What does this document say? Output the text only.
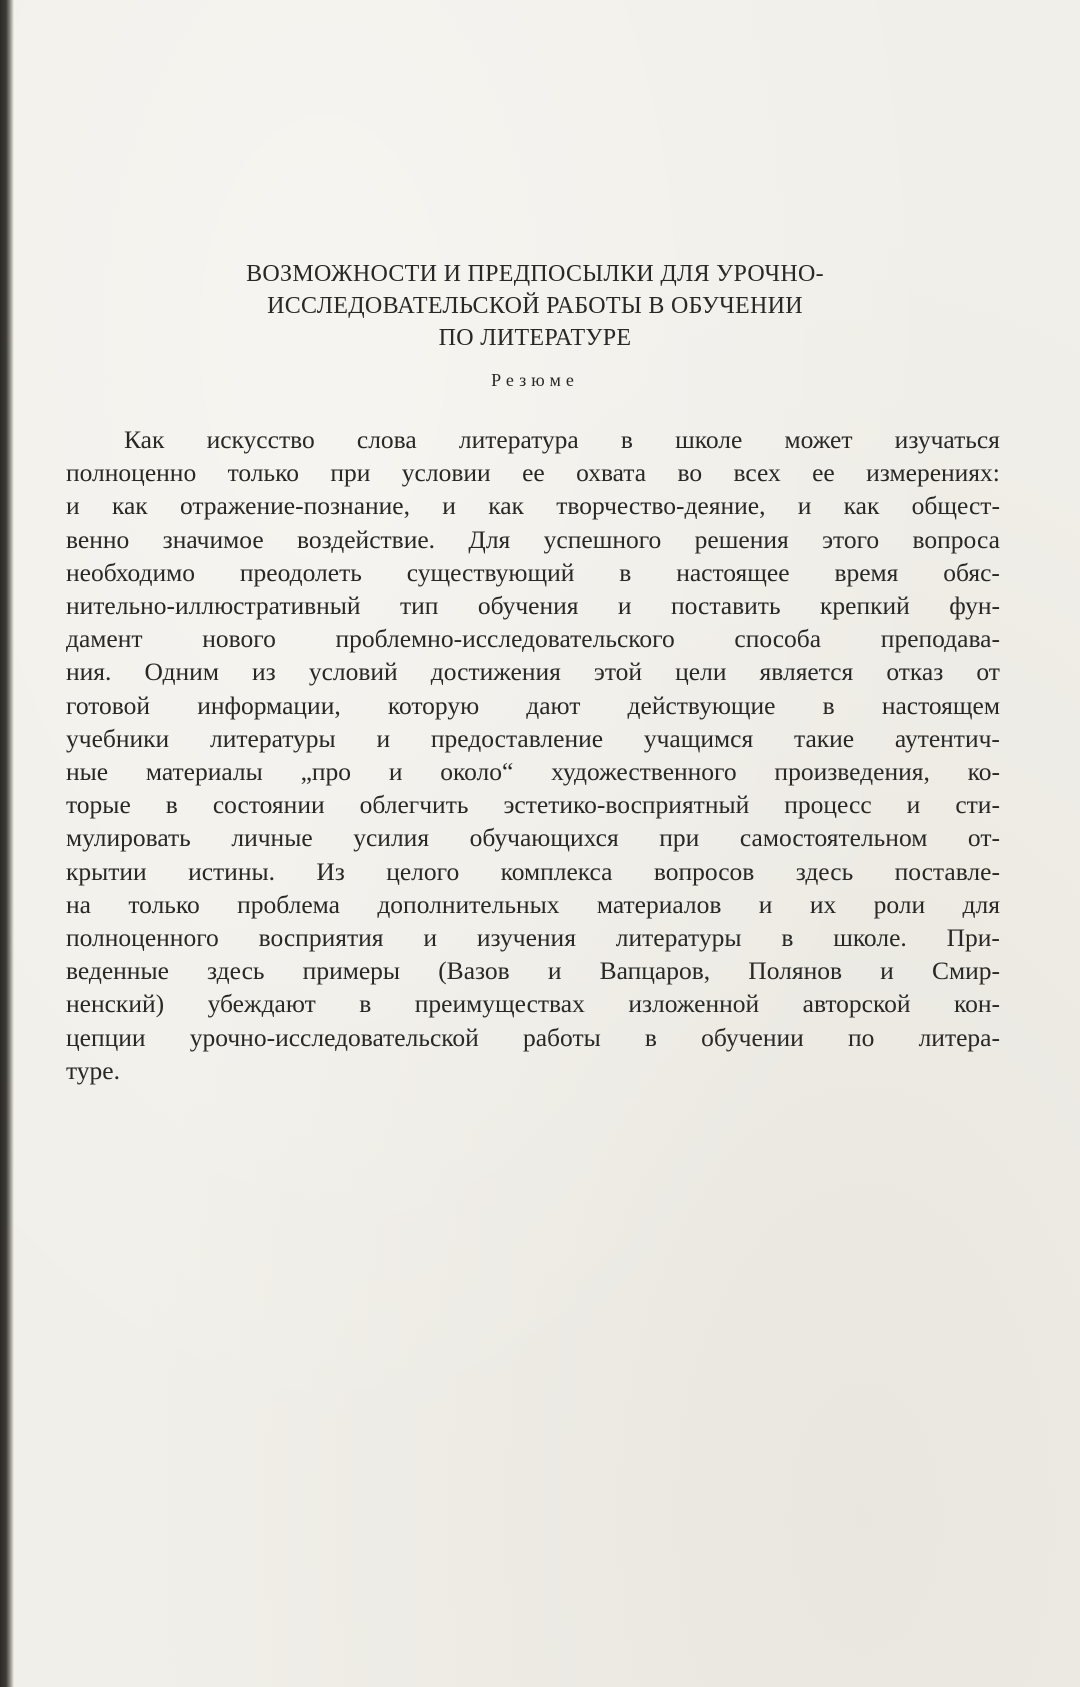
ВОЗМОЖНОСТИ И ПРЕДПОСЫЛКИ ДЛЯ УРОЧНО-
ИССЛЕДОВАТЕЛЬСКОЙ РАБОТЫ В ОБУЧЕНИИ
ПО ЛИТЕРАТУРЕ
Резюме
Как искусство слова литература в школе может изучаться
полноценно только при условии ее охвата во всех ее измерениях:
и как отражение-познание, и как творчество-деяние, и как общест-
венно значимое воздействие. Для успешного решения этого вопроса
необходимо преодолеть существующий в настоящее время обяс-
нительно-иллюстративный тип обучения и поставить крепкий фун-
дамент нового проблемно-исследовательского способа преподава-
ния. Одним из условий достижения этой цели является отказ от
готовой информации, которую дают действующие в настоящем
учебники литературы и предоставление учащимся такие аутентич-
ные материалы „про и около“ художественного произведения, ко-
торые в состоянии облегчить эстетико-восприятный процесс и сти-
мулировать личные усилия обучающихся при самостоятельном от-
крытии истины. Из целого комплекса вопросов здесь поставле-
на только проблема дополнительных материалов и их роли для
полноценного восприятия и изучения литературы в школе. При-
веденные здесь примеры (Вазов и Вапцаров, Полянов и Смир-
ненский) убеждают в преимуществах изложенной авторской кон-
цепции урочно-исследовательской работы в обучении по литера-
туре.
